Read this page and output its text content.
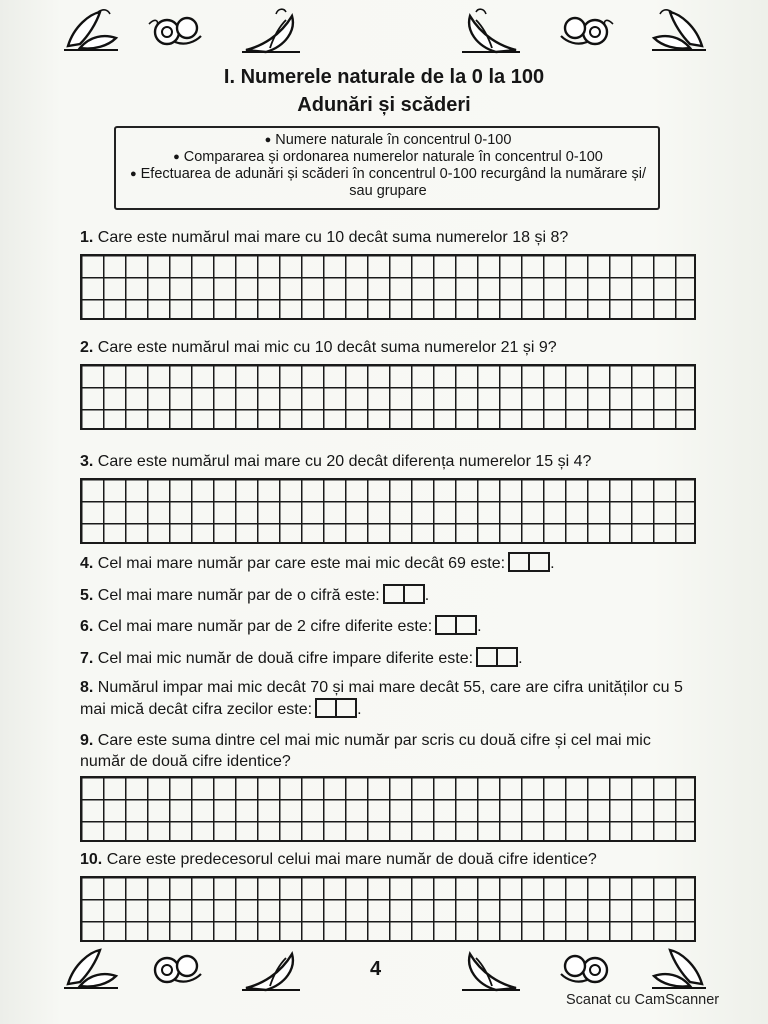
I. Numerele naturale de la 0 la 100
Adunări și scăderi

● Numere naturale în concentrul 0-100

● Compararea și ordonarea numerelor naturale în concentrul 0-100

● Efectuarea de adunări și scăderi în concentrul 0-100 recurgând la numărare și/ sau grupare

1. Care este numărul mai mare cu 10 decât suma numerelor 18 și 8?
2. Care este numărul mai mic cu 10 decât suma numerelor 21 și 9?
3. Care este numărul mai mare cu 20 decât diferența numerelor 15 și 4?
4. Cel mai mare număr par care este mai mic decât 69 este:	.
5. Cel mai mare număr par de o cifră este:	.
6. Cel mai mare număr par de 2 cifre diferite este:	.
7. Cel mai mic număr de două cifre impare diferite este:	.
8. Numărul impar mai mic decât 70 și mai mare decât 55, care are cifra unităților cu 5 mai mică decât cifra zecilor este:	.
9. Care este suma dintre cel mai mic număr par scris cu două cifre și cel mai mic număr de două cifre identice?
10. Care este predecesorul celui mai mare număr de două cifre identice?
4
Scanat cu CamScanner
